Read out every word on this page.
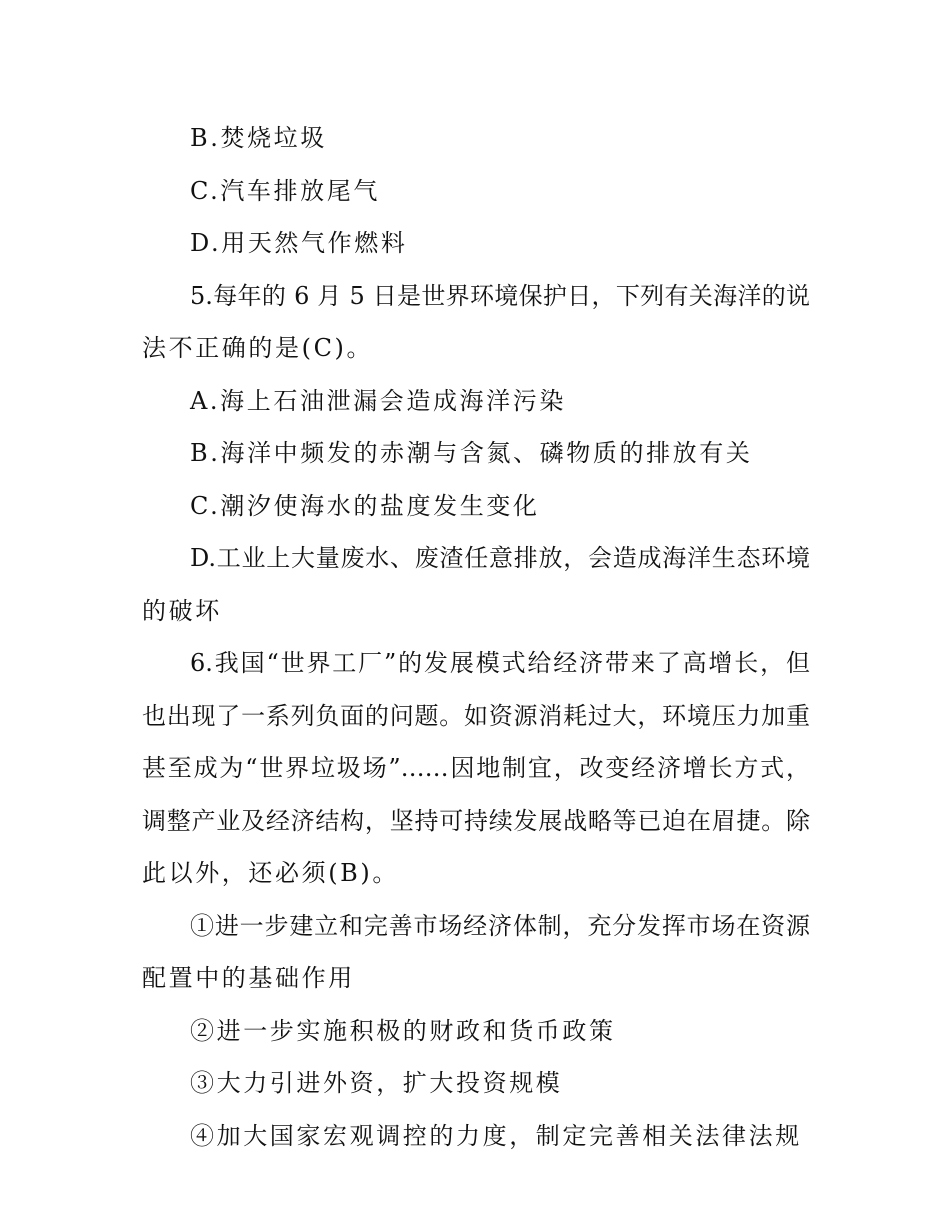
B.焚烧垃圾
C.汽车排放尾气
D.用天然气作燃料
5.每年的 6 月 5 日是世界环境保护日，下列有关海洋的说
法不正确的是(C)。
A.海上石油泄漏会造成海洋污染
B.海洋中频发的赤潮与含氮、磷物质的排放有关
C.潮汐使海水的盐度发生变化
D.工业上大量废水、废渣任意排放，会造成海洋生态环境
的破坏
6.我国“世界工厂”的发展模式给经济带来了高增长，但
也出现了一系列负面的问题。如资源消耗过大，环境压力加重
甚至成为“世界垃圾场”……因地制宜，改变经济增长方式，
调整产业及经济结构，坚持可持续发展战略等已迫在眉捷。除
此以外，还必须(B)。
①进一步建立和完善市场经济体制，充分发挥市场在资源
配置中的基础作用
②进一步实施积极的财政和货币政策
③大力引进外资，扩大投资规模
④加大国家宏观调控的力度，制定完善相关法律法规
